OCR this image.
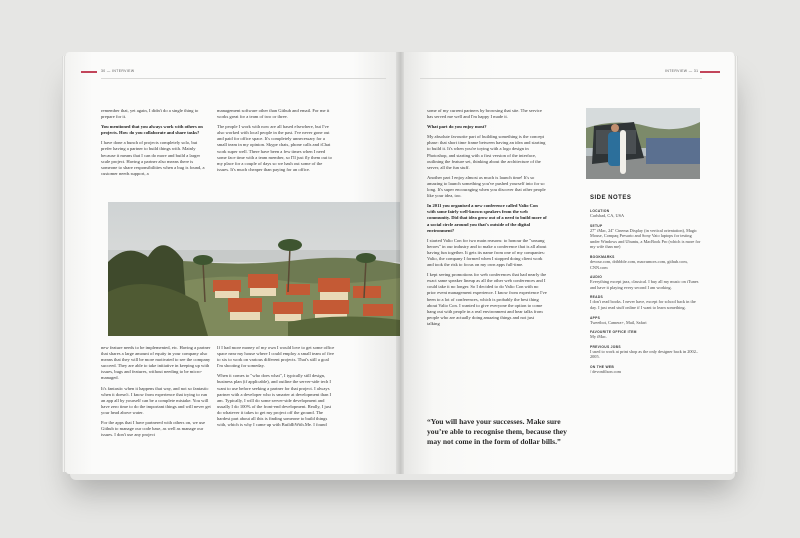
30 — INTERVIEW

remember that, yet again, I didn't do a single thing to prepare for it.

You mentioned that you always work with others on projects. How do you collaborate and share tasks?

I have done a bunch of projects completely solo, but prefer having a partner to build things with. Mainly because it means that I can do more and build a larger scale project. Having a partner also means there is someone to share responsibilities when a bug is found, a customer needs support, a

management software other than Github and email. For me it works great for a team of two or three.

The people I work with now are all based elsewhere, but I've also worked with local people in the past. I've never gone out and paid for office space. It's completely unnecessary for a small team in my opinion. Skype chats, phone calls and iChat work super well. There have been a few times when I need some face time with a team member, so I'll just fly them out to my place for a couple of days so we hash out some of the issues. It's much cheaper than paying for an office.

new feature needs to be implemented, etc. Having a partner that shares a large amount of equity in your company also means that they will be more motivated to see the company succeed. They are able to take initiative in keeping up with issues, bugs and features, without needing to be micro-managed.

It's fantastic when it happens that way, and not so fantastic when it doesn't. I know from experience that trying to run an app all by yourself can be a complete mistake. You will have zero time to do the important things and will never get your head above water.

For the apps that I have partnered with others on, we use Github to manage our code base, as well as manage our issues. I don't use any project

If I had more money of my own I would love to get some office space near my house where I could employ a small team of five to six to work on various different projects. That's still a goal I'm shooting for someday.

When it comes to "who does what", I typically still design, business plan (if applicable), and outline the server-side tech I want to use before seeking a partner for that project. I always partner with a developer who is smarter at development than I am. Typically, I will do some server-side development and usually I do 100% of the front-end development. Really, I just do whatever it takes to get my project off the ground. The hardest part about all this is finding someone to build things with, which is why I came up with BuildItWith.Me. I found

INTERVIEW — 31

some of my current partners by browsing that site. The service has served me well and I'm happy I made it.

What part do you enjoy most?

My absolute favourite part of building something is the concept phase: that short time frame between having an idea and starting to build it. It's when you're toying with a logo design in Photoshop, and starting with a first version of the interface, outlining the feature set, thinking about the architecture of the server, all the fun stuff.

Another part I enjoy almost as much is launch time! It's so amazing to launch something you've pushed yourself into for so long. It's super encouraging when you discover that other people like your idea, too.

In 2011 you organised a new conference called Valio Con with some fairly well-known speakers from the web community. Did that idea grow out of a need to build more of a social circle around you that's outside of the digital environment?

I started Valio Con for two main reasons: to honour the "unsung heroes" in our industry and to make a conference that is all about having fun together. It gets its name from one of my companies: Valio, the company I formed when I stopped doing client work and took the risk to focus on my own apps full-time.

I kept seeing promotions for web conferences that had nearly the exact same speaker lineup as all the other web conferences and I could take it no longer. So I decided to do Valio Con with no prior event management experience. I know from experience I've been to a lot of conferences, which is probably the best thing about Valio Con. I wanted to give everyone the option to come hang out with people in a real environment and hear talks from people who are actually doing amazing things and not just talking

“You will have your successes. Make sure you’re able to recognise them, because they may not come in the form of dollar bills.”
SIDE NOTES
LOCATION
Carlsbad, CA, USA
SETUP
27" iMac, 24" Cinema Display (in vertical orientation), Magic Mouse, Compaq Presario and Sony Vaio laptops for testing under Windows and Ubuntu, a MacBook Pro (which is more for my wife than me)
BOOKMARKS
devour.com, dribbble.com, macrumors.com, github.com, CNN.com
AUDIO
Everything except jazz, classical. I buy all my music on iTunes and have it playing every second I am working.
READS
I don't read books. I never have, except for school back in the day. I just read stuff online if I want to learn something.
APPS
Tweetbot, Camera+, Mail, Safari
FAVOURITE OFFICE ITEM
My iMac.
PREVIOUS JOBS
I used to work at print shop as the only designer back in 2002–2005.
ON THE WEB
/ devonfilson.com
